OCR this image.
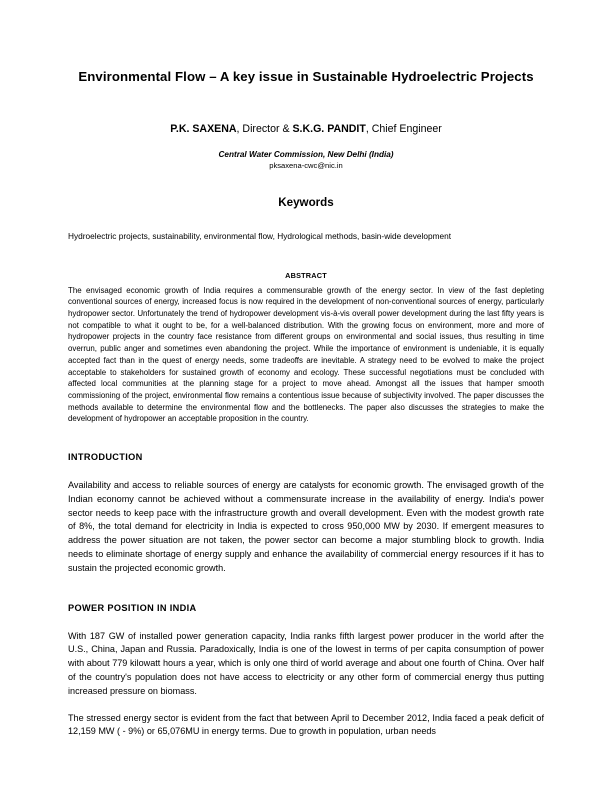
Environmental Flow – A key issue in Sustainable Hydroelectric Projects

P.K. SAXENA, Director & S.K.G. PANDIT, Chief Engineer

Central Water Commission, New Delhi (India)

pksaxena-cwc@nic.in

Keywords

Hydroelectric projects, sustainability, environmental flow, Hydrological methods, basin-wide development

ABSTRACT

The envisaged economic growth of India requires a commensurable growth of the energy sector. In view of the fast depleting conventional sources of energy, increased focus is now required in the development of non-conventional sources of energy, particularly hydropower sector. Unfortunately the trend of hydropower development vis-à-vis overall power development during the last fifty years is not compatible to what it ought to be, for a well-balanced distribution. With the growing focus on environment, more and more of hydropower projects in the country face resistance from different groups on environmental and social issues, thus resulting in time overrun, public anger and sometimes even abandoning the project. While the importance of environment is undeniable, it is equally accepted fact than in the quest of energy needs, some tradeoffs are inevitable. A strategy need to be evolved to make the project acceptable to stakeholders for sustained growth of economy and ecology. These successful negotiations must be concluded with affected local communities at the planning stage for a project to move ahead. Amongst all the issues that hamper smooth commissioning of the project, environmental flow remains a contentious issue because of subjectivity involved. The paper discusses the methods available to determine the environmental flow and the bottlenecks. The paper also discusses the strategies to make the development of hydropower an acceptable proposition in the country.

INTRODUCTION

Availability and access to reliable sources of energy are catalysts for economic growth. The envisaged growth of the Indian economy cannot be achieved without a commensurate increase in the availability of energy. India's power sector needs to keep pace with the infrastructure growth and overall development. Even with the modest growth rate of 8%, the total demand for electricity in India is expected to cross 950,000 MW by 2030. If emergent measures to address the power situation are not taken, the power sector can become a major stumbling block to growth. India needs to eliminate shortage of energy supply and enhance the availability of commercial energy resources if it has to sustain the projected economic growth.

POWER POSITION IN INDIA

With 187 GW of installed power generation capacity, India ranks fifth largest power producer in the world after the U.S., China, Japan and Russia. Paradoxically, India is one of the lowest in terms of per capita consumption of power with about 779 kilowatt hours a year, which is only one third of world average and about one fourth of China. Over half of the country's population does not have access to electricity or any other form of commercial energy thus putting increased pressure on biomass.

The stressed energy sector is evident from the fact that between April to December 2012, India faced a peak deficit of 12,159 MW ( - 9%) or 65,076MU in energy terms. Due to growth in population, urban needs
